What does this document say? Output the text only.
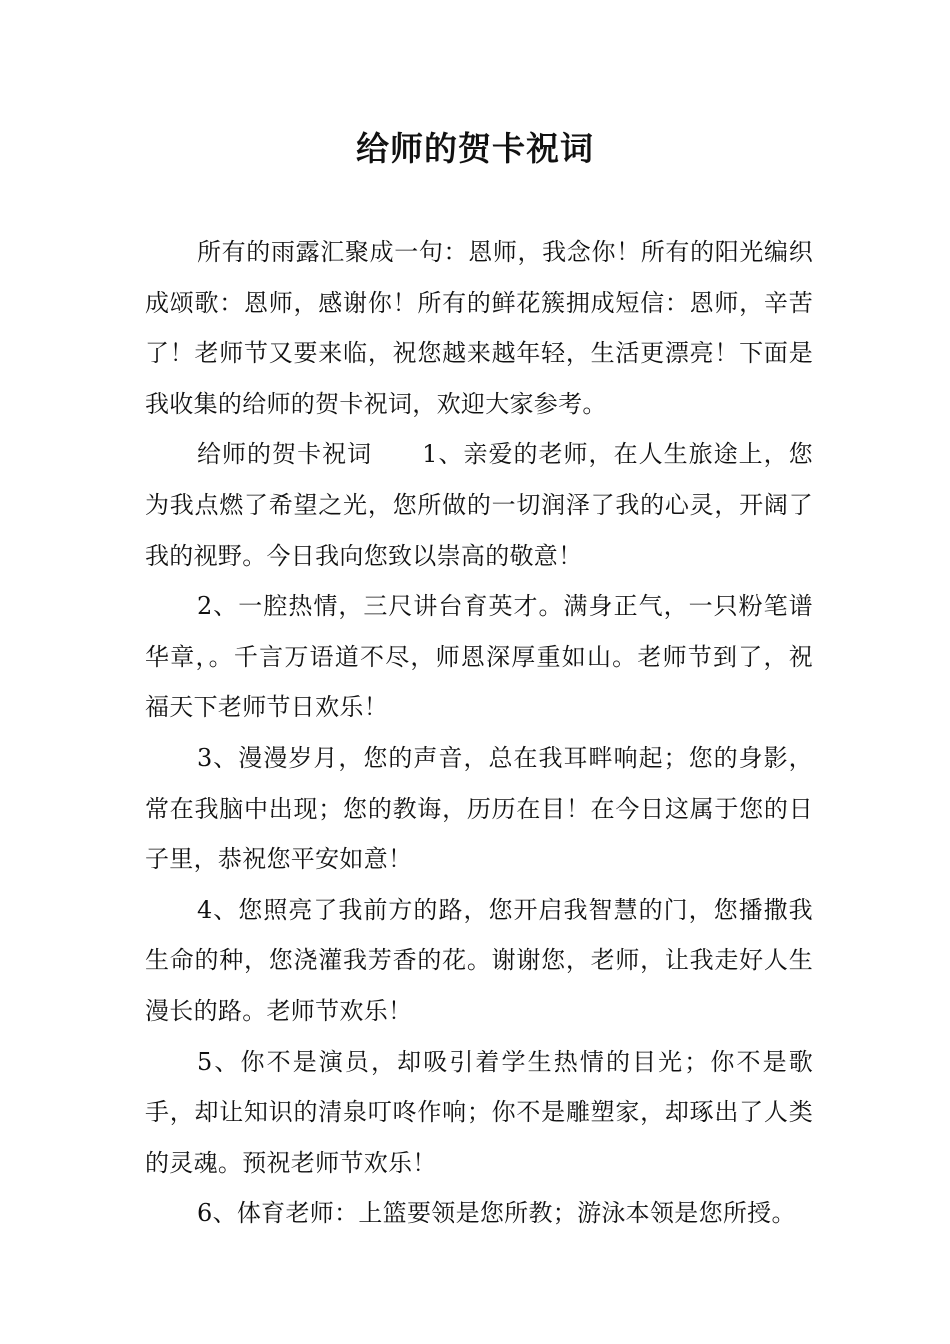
给师的贺卡祝词

所有的雨露汇聚成一句：恩师，我念你！所有的阳光编织成颂歌：恩师，感谢你！所有的鲜花簇拥成短信：恩师，辛苦了！老师节又要来临，祝您越来越年轻，生活更漂亮！下面是我收集的给师的贺卡祝词，欢迎大家参考。

给师的贺卡祝词　　1、亲爱的老师，在人生旅途上，您为我点燃了希望之光，您所做的一切润泽了我的心灵，开阔了我的视野。今日我向您致以崇高的敬意！

2、一腔热情，三尺讲台育英才。满身正气，一只粉笔谱华章，。千言万语道不尽，师恩深厚重如山。老师节到了，祝福天下老师节日欢乐！

3、漫漫岁月，您的声音，总在我耳畔响起；您的身影，常在我脑中出现；您的教诲，历历在目！在今日这属于您的日子里，恭祝您平安如意！

4、您照亮了我前方的路，您开启我智慧的门，您播撒我生命的种，您浇灌我芳香的花。谢谢您，老师，让我走好人生漫长的路。老师节欢乐！

5、你不是演员，却吸引着学生热情的目光；你不是歌手，却让知识的清泉叮咚作响；你不是雕塑家，却琢出了人类的灵魂。预祝老师节欢乐！

6、体育老师：上篮要领是您所教；游泳本领是您所授。
